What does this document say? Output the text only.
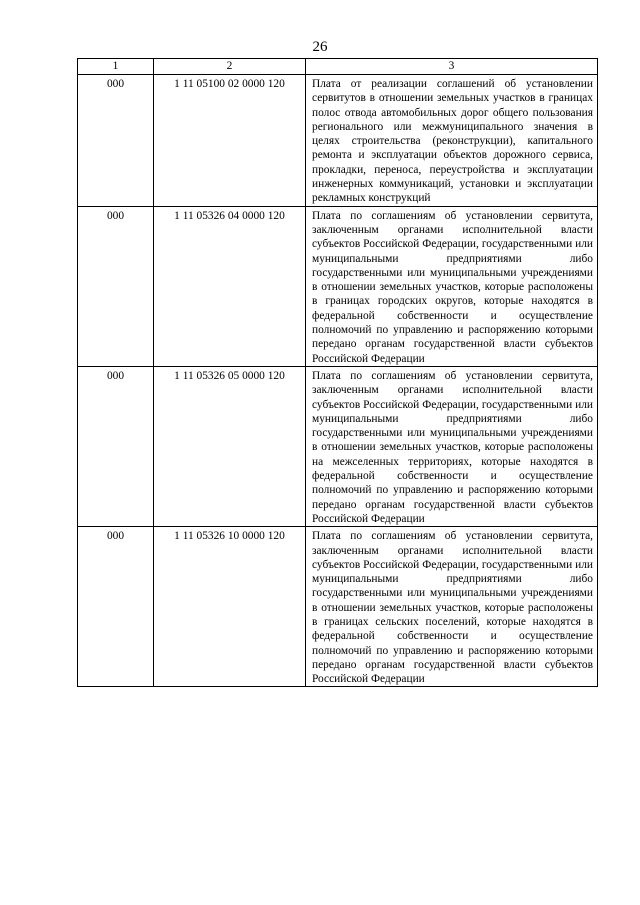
26
1	2	3
000	1 11 05100 02 0000 120	Плата от реализации соглашений об установлении сервитутов в отношении земельных участков в границах полос отвода автомобильных дорог общего пользования регионального или межмуниципального значения в целях строительства (реконструкции), капитального ремонта и эксплуатации объектов дорожного сервиса, прокладки, переноса, переустройства и эксплуатации инженерных коммуникаций, установки и эксплуатации рекламных конструкций
000	1 11 05326 04 0000 120	Плата по соглашениям об установлении сервитута, заключенным органами исполнительной власти субъектов Российской Федерации, государственными или муниципальными предприятиями либо государственными или муниципальными учреждениями в отношении земельных участков, которые расположены в границах городских округов, которые находятся в федеральной собственности и осуществление полномочий по управлению и распоряжению которыми передано органам государственной власти субъектов Российской Федерации
000	1 11 05326 05 0000 120	Плата по соглашениям об установлении сервитута, заключенным органами исполнительной власти субъектов Российской Федерации, государственными или муниципальными предприятиями либо государственными или муниципальными учреждениями в отношении земельных участков, которые расположены на межселенных территориях, которые находятся в федеральной собственности и осуществление полномочий по управлению и распоряжению которыми передано органам государственной власти субъектов Российской Федерации
000	1 11 05326 10 0000 120	Плата по соглашениям об установлении сервитута, заключенным органами исполнительной власти субъектов Российской Федерации, государственными или муниципальными предприятиями либо государственными или муниципальными учреждениями в отношении земельных участков, которые расположены в границах сельских поселений, которые находятся в федеральной собственности и осуществление полномочий по управлению и распоряжению которыми передано органам государственной власти субъектов Российской Федерации
